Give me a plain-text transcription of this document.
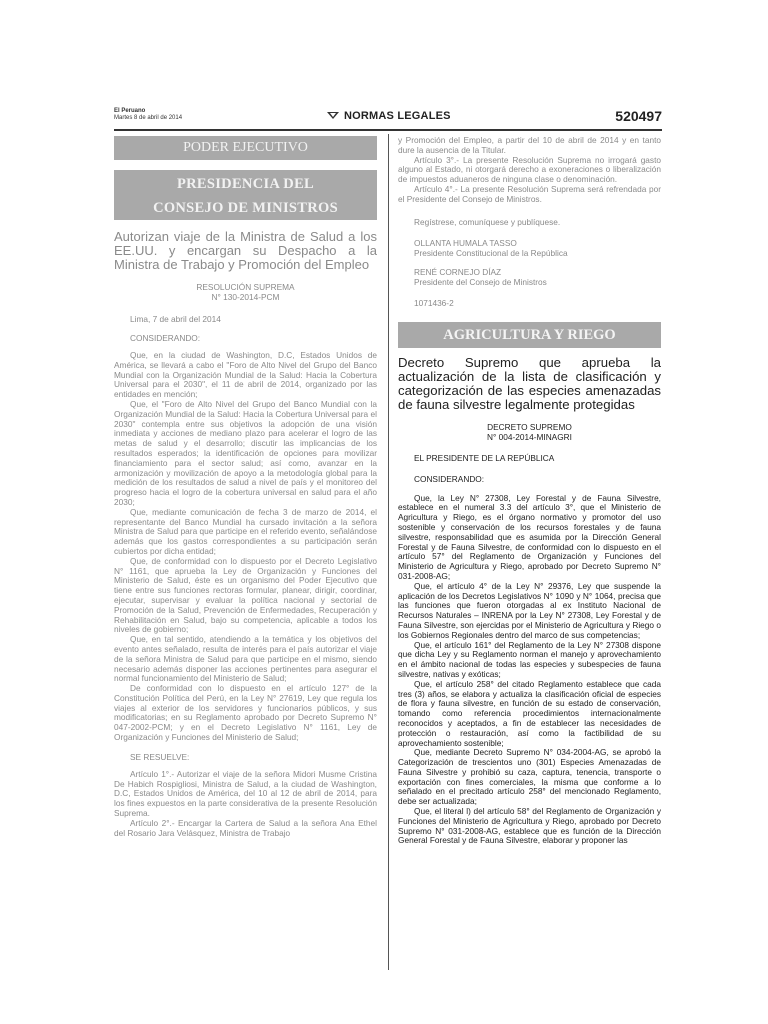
El Peruano
Martes 8 de abril de 2014	NORMAS LEGALES	520497
PODER EJECUTIVO
PRESIDENCIA DEL
CONSEJO DE MINISTROS
Autorizan viaje de la Ministra de Salud a los EE.UU. y encargan su Despacho a la Ministra de Trabajo y Promoción del Empleo
RESOLUCIÓN SUPREMA
N° 130-2014-PCM
Lima, 7 de abril del 2014
CONSIDERANDO:

Que, en la ciudad de Washington, D.C, Estados Unidos de América, se llevará a cabo el "Foro de Alto Nivel del Grupo del Banco Mundial con la Organización Mundial de la Salud: Hacia la Cobertura Universal para el 2030", el 11 de abril de 2014, organizado por las entidades en mención;

Que, el "Foro de Alto Nivel del Grupo del Banco Mundial con la Organización Mundial de la Salud: Hacia la Cobertura Universal para el 2030" contempla entre sus objetivos la adopción de una visión inmediata y acciones de mediano plazo para acelerar el logro de las metas de salud y el desarrollo; discutir las implicancias de los resultados esperados; la identificación de opciones para movilizar financiamiento para el sector salud; así como, avanzar en la armonización y movilización de apoyo a la metodología global para la medición de los resultados de salud a nivel de país y el monitoreo del progreso hacia el logro de la cobertura universal en salud para el año 2030;

Que, mediante comunicación de fecha 3 de marzo de 2014, el representante del Banco Mundial ha cursado invitación a la señora Ministra de Salud para que participe en el referido evento, señalándose además que los gastos correspondientes a su participación serán cubiertos por dicha entidad;

Que, de conformidad con lo dispuesto por el Decreto Legislativo N° 1161, que aprueba la Ley de Organización y Funciones del Ministerio de Salud, éste es un organismo del Poder Ejecutivo que tiene entre sus funciones rectoras formular, planear, dirigir, coordinar, ejecutar, supervisar y evaluar la política nacional y sectorial de Promoción de la Salud, Prevención de Enfermedades, Recuperación y Rehabilitación en Salud, bajo su competencia, aplicable a todos los niveles de gobierno;

Que, en tal sentido, atendiendo a la temática y los objetivos del evento antes señalado, resulta de interés para el país autorizar el viaje de la señora Ministra de Salud para que participe en el mismo, siendo necesario además disponer las acciones pertinentes para asegurar el normal funcionamiento del Ministerio de Salud;

De conformidad con lo dispuesto en el artículo 127° de la Constitución Política del Perú, en la Ley N° 27619, Ley que regula los viajes al exterior de los servidores y funcionarios públicos, y sus modificatorias; en su Reglamento aprobado por Decreto Supremo N° 047-2002-PCM; y en el Decreto Legislativo N° 1161, Ley de Organización y Funciones del Ministerio de Salud;

SE RESUELVE:

Artículo 1°.- Autorizar el viaje de la señora Midori Musme Cristina De Habich Rospigliosi, Ministra de Salud, a la ciudad de Washington, D.C, Estados Unidos de América, del 10 al 12 de abril de 2014, para los fines expuestos en la parte considerativa de la presente Resolución Suprema.

Artículo 2°.- Encargar la Cartera de Salud a la señora Ana Ethel del Rosario Jara Velásquez, Ministra de Trabajo

y Promoción del Empleo, a partir del 10 de abril de 2014 y en tanto dure la ausencia de la Titular.

Artículo 3°.- La presente Resolución Suprema no irrogará gasto alguno al Estado, ni otorgará derecho a exoneraciones o liberalización de impuestos aduaneros de ninguna clase o denominación.

Artículo 4°.- La presente Resolución Suprema será refrendada por el Presidente del Consejo de Ministros.

Regístrese, comuníquese y publíquese.
OLLANTA HUMALA TASSO
Presidente Constitucional de la República
RENÉ CORNEJO DÍAZ
Presidente del Consejo de Ministros
1071436-2
AGRICULTURA Y RIEGO
Decreto Supremo que aprueba la actualización de la lista de clasificación y categorización de las especies amenazadas de fauna silvestre legalmente protegidas
DECRETO SUPREMO
N° 004-2014-MINAGRI
EL PRESIDENTE DE LA REPÚBLICA
CONSIDERANDO:

Que, la Ley N° 27308, Ley Forestal y de Fauna Silvestre, establece en el numeral 3.3 del artículo 3°, que el Ministerio de Agricultura y Riego, es el órgano normativo y promotor del uso sostenible y conservación de los recursos forestales y de fauna silvestre, responsabilidad que es asumida por la Dirección General Forestal y de Fauna Silvestre, de conformidad con lo dispuesto en el artículo 57° del Reglamento de Organización y Funciones del Ministerio de Agricultura y Riego, aprobado por Decreto Supremo N° 031-2008-AG;

Que, el artículo 4° de la Ley N° 29376, Ley que suspende la aplicación de los Decretos Legislativos N° 1090 y N° 1064, precisa que las funciones que fueron otorgadas al ex Instituto Nacional de Recursos Naturales – INRENA por la Ley N° 27308, Ley Forestal y de Fauna Silvestre, son ejercidas por el Ministerio de Agricultura y Riego o los Gobiernos Regionales dentro del marco de sus competencias;

Que, el artículo 161° del Reglamento de la Ley N° 27308 dispone que dicha Ley y su Reglamento norman el manejo y aprovechamiento en el ámbito nacional de todas las especies y subespecies de fauna silvestre, nativas y exóticas;

Que, el artículo 258° del citado Reglamento establece que cada tres (3) años, se elabora y actualiza la clasificación oficial de especies de flora y fauna silvestre, en función de su estado de conservación, tomando como referencia procedimientos internacionalmente reconocidos y aceptados, a fin de establecer las necesidades de protección o restauración, así como la factibilidad de su aprovechamiento sostenible;

Que, mediante Decreto Supremo N° 034-2004-AG, se aprobó la Categorización de trescientos uno (301) Especies Amenazadas de Fauna Silvestre y prohibió su caza, captura, tenencia, transporte o exportación con fines comerciales, la misma que conforme a lo señalado en el precitado artículo 258° del mencionado Reglamento, debe ser actualizada;

Que, el literal l) del artículo 58° del Reglamento de Organización y Funciones del Ministerio de Agricultura y Riego, aprobado por Decreto Supremo N° 031-2008-AG, establece que es función de la Dirección General Forestal y de Fauna Silvestre, elaborar y proponer las
